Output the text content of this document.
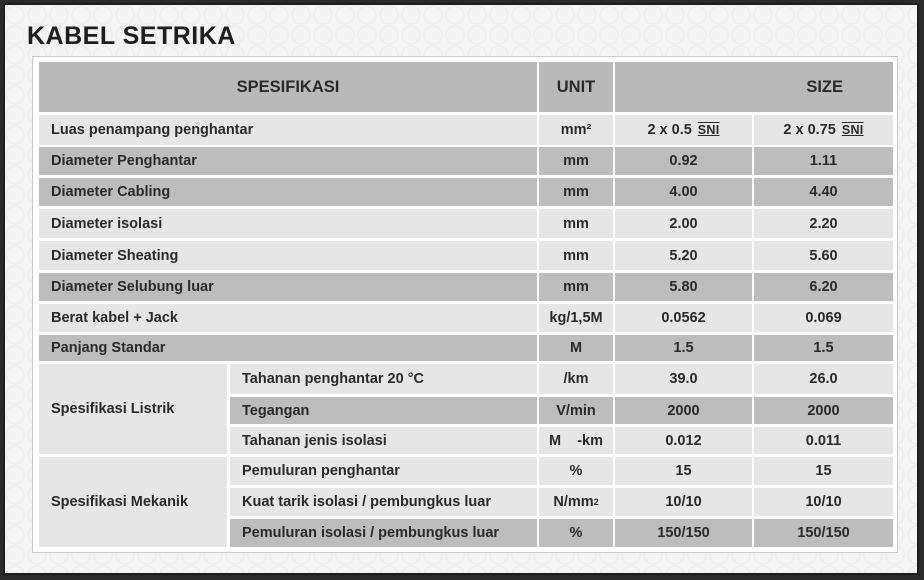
KABEL SETRIKA
SPESIFIKASI	UNIT	SIZE
Luas penampang penghantar	mm²	2 x 0.5 SNI	2 x 0.75 SNI
Diameter Penghantar	mm	0.92	1.11
Diameter Cabling	mm	4.00	4.40
Diameter isolasi	mm	2.00	2.20
Diameter Sheating	mm	5.20	5.60
Diameter Selubung luar	mm	5.80	6.20
Berat kabel + Jack	kg/1,5M	0.0562	0.069
Panjang Standar	M	1.5	1.5
Spesifikasi Listrik
Tahanan penghantar 20 °C	/km	39.0	26.0
Tegangan	V/min	2000	2000
Tahanan jenis isolasi	M    -km	0.012	0.011
Spesifikasi Mekanik
Pemuluran penghantar	%	15	15
Kuat tarik isolasi / pembungkus luar	N/mm 2	10/10	10/10
Pemuluran isolasi / pembungkus luar	%	150/150	150/150
